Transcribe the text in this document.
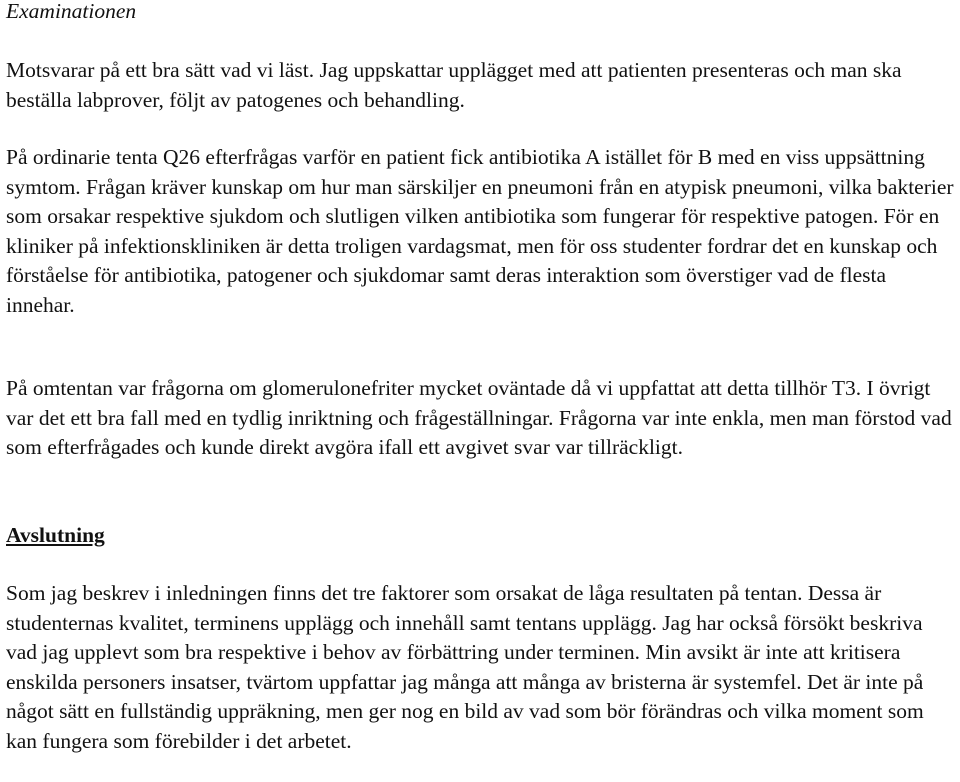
Examinationen

Motsvarar på ett bra sätt vad vi läst. Jag uppskattar upplägget med att patienten presenteras och man ska beställa labprover, följt av patogenes och behandling.

På ordinarie tenta Q26 efterfrågas varför en patient fick antibiotika A istället för B med en viss uppsättning symtom. Frågan kräver kunskap om hur man särskiljer en pneumoni från en atypisk pneumoni, vilka bakterier som orsakar respektive sjukdom och slutligen vilken antibiotika som fungerar för respektive patogen. För en kliniker på infektionskliniken är detta troligen vardagsmat, men för oss studenter fordrar det en kunskap och förståelse för antibiotika, patogener och sjukdomar samt deras interaktion som överstiger vad de flesta innehar.

På omtentan var frågorna om glomerulonefriter mycket oväntade då vi uppfattat att detta tillhör T3. I övrigt var det ett bra fall med en tydlig inriktning och frågeställningar. Frågorna var inte enkla, men man förstod vad som efterfrågades och kunde direkt avgöra ifall ett avgivet svar var tillräckligt.

Avslutning

Som jag beskrev i inledningen finns det tre faktorer som orsakat de låga resultaten på tentan. Dessa är studenternas kvalitet, terminens upplägg och innehåll samt tentans upplägg. Jag har också försökt beskriva vad jag upplevt som bra respektive i behov av förbättring under terminen. Min avsikt är inte att kritisera enskilda personers insatser, tvärtom uppfattar jag många att många av bristerna är systemfel. Det är inte på något sätt en fullständig uppräkning, men ger nog en bild av vad som bör förändras och vilka moment som kan fungera som förebilder i det arbetet.
